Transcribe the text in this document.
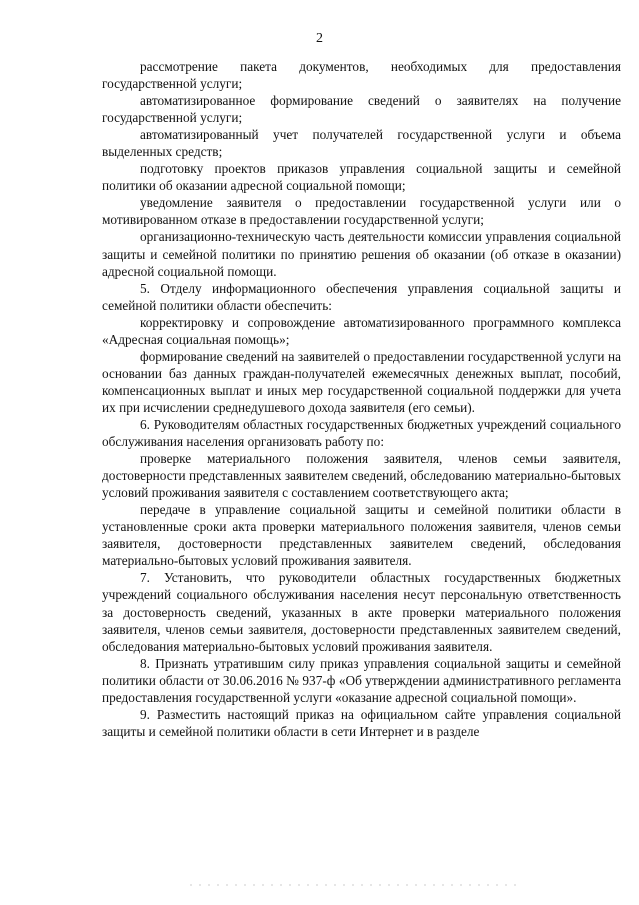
2

рассмотрение пакета документов, необходимых для предоставления государственной услуги;

автоматизированное формирование сведений о заявителях на получение государственной услуги;

автоматизированный учет получателей государственной услуги и объема выделенных средств;

подготовку проектов приказов управления социальной защиты и семейной политики об оказании адресной социальной помощи;

уведомление заявителя о предоставлении государственной услуги или о мотивированном отказе в предоставлении государственной услуги;

организационно-техническую часть деятельности комиссии управления социальной защиты и семейной политики по принятию решения об оказании (об отказе в оказании) адресной социальной помощи.

5. Отделу информационного обеспечения управления социальной защиты и семейной политики области обеспечить:

корректировку и сопровождение автоматизированного программного комплекса «Адресная социальная помощь»;

формирование сведений на заявителей о предоставлении государственной услуги на основании баз данных граждан-получателей ежемесячных денежных выплат, пособий, компенсационных выплат и иных мер государственной социальной поддержки для учета их при исчислении среднедушевого дохода заявителя (его семьи).

6. Руководителям областных государственных бюджетных учреждений социального обслуживания населения организовать работу по:

проверке материального положения заявителя, членов семьи заявителя, достоверности представленных заявителем сведений, обследованию материально-бытовых условий проживания заявителя с составлением соответствующего акта;

передаче в управление социальной защиты и семейной политики области в установленные сроки акта проверки материального положения заявителя, членов семьи заявителя, достоверности представленных заявителем сведений, обследования материально-бытовых условий проживания заявителя.

7. Установить, что руководители областных государственных бюджетных учреждений социального обслуживания населения несут персональную ответственность за достоверность сведений, указанных в акте проверки материального положения заявителя, членов семьи заявителя, достоверности представленных заявителем сведений, обследования материально-бытовых условий проживания заявителя.

8. Признать утратившим силу приказ управления социальной защиты и семейной политики области от 30.06.2016 № 937-ф «Об утверждении административного регламента предоставления государственной услуги «оказание адресной социальной помощи».

9. Разместить настоящий приказ на официальном сайте управления социальной защиты и семейной политики области в сети Интернет и в разделе
